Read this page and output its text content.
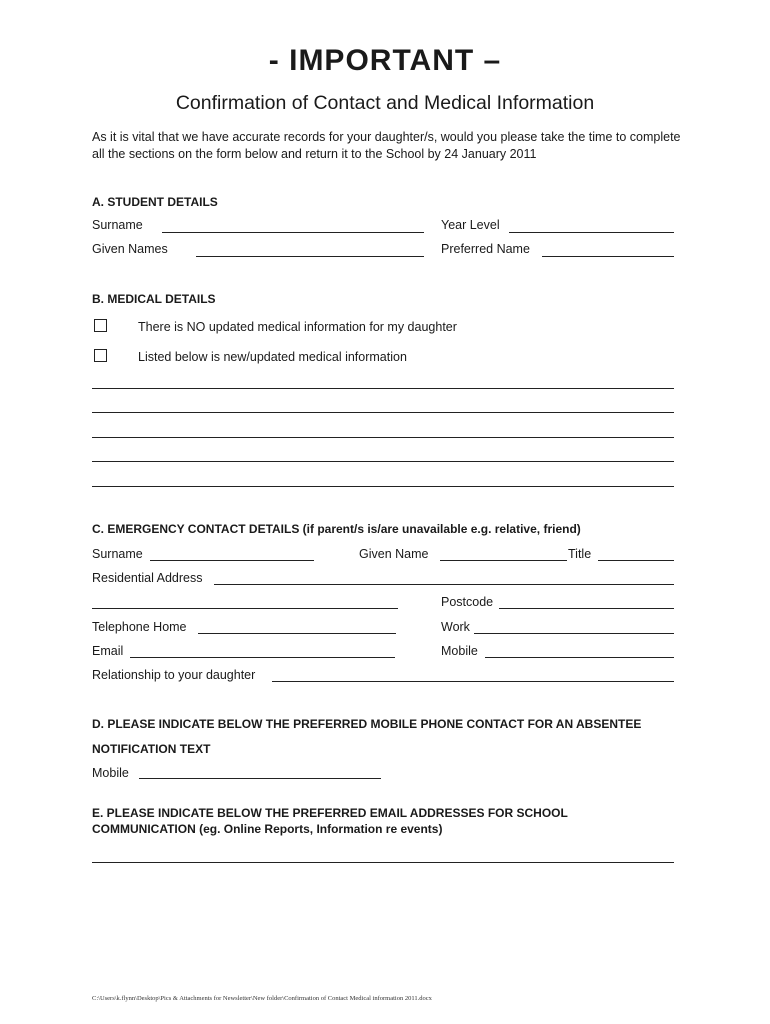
- IMPORTANT –
Confirmation of Contact and Medical Information
As it is vital that we have accurate records for your daughter/s, would you please take the time to complete all the sections on the form below and return it to the School by 24 January 2011
A. STUDENT DETAILS
Surname	Year Level
Given Names	Preferred Name
B. MEDICAL DETAILS
There is NO updated medical information for my daughter
Listed below is new/updated medical information
C. EMERGENCY CONTACT DETAILS (if parent/s is/are unavailable e.g. relative, friend)
Surname	Given Name	Title
Residential Address
Postcode
Telephone Home	Work
Email	Mobile
Relationship to your daughter
D. PLEASE INDICATE BELOW THE PREFERRED MOBILE PHONE CONTACT FOR AN ABSENTEE
NOTIFICATION TEXT
Mobile
E. PLEASE INDICATE BELOW THE PREFERRED EMAIL ADDRESSES FOR SCHOOL
COMMUNICATION (eg. Online Reports, Information re events)
C:\Users\k.flynn\Desktop\Pics & Attachments for Newsletter\New folder\Confirmation of Contact Medical information 2011.docx
